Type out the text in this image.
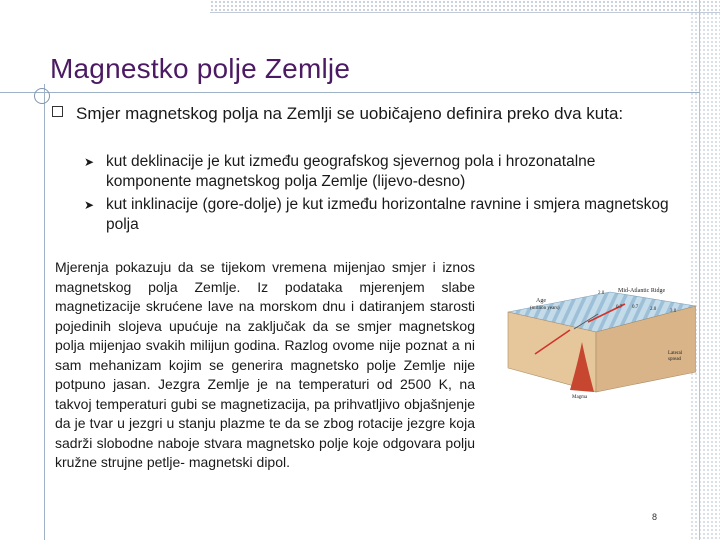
Magnestko polje Zemlje
Smjer magnetskog polja na Zemlji se uobičajeno definira preko dva kuta:
➤ kut deklinacije je kut između geografskog sjevernog pola i hrozonatalne komponente magnetskog polja Zemlje (lijevo-desno)
➤ kut inklinacije (gore-dolje) je kut između horizontalne ravnine i smjera magnetskog polja
Mjerenja pokazuju da se tijekom vremena mijenjao smjer i iznos magnetskog polja Zemlje. Iz podataka mjerenjem slabe magnetizacije skrućene lave na morskom dnu i datiranjem starosti pojedinih slojeva upućuje na zaključak da se smjer magnetskog polja mijenjao svakih milijun godina. Razlog ovome nije poznat a ni sam mehanizam kojim se generira magnetsko polje Zemlje nije potpuno jasan. Jezgra Zemlje je na temperaturi od 2500 K, na takvoj temperaturi gubi se magnetizacija, pa prihvatljivo objašnjenje da je tvar u jezgri u stanju plazme te da se zbog rotacije jezgre koja sadrži slobodne naboje stvara magnetsko polje koje odgovara polju kružne strujne petlje- magnetski dipol.
Mid-Atlantic Ridge
Age
(million years)
2.0
0.7 0.7 2.0	3.0
Lateral
spread
Magma
8
